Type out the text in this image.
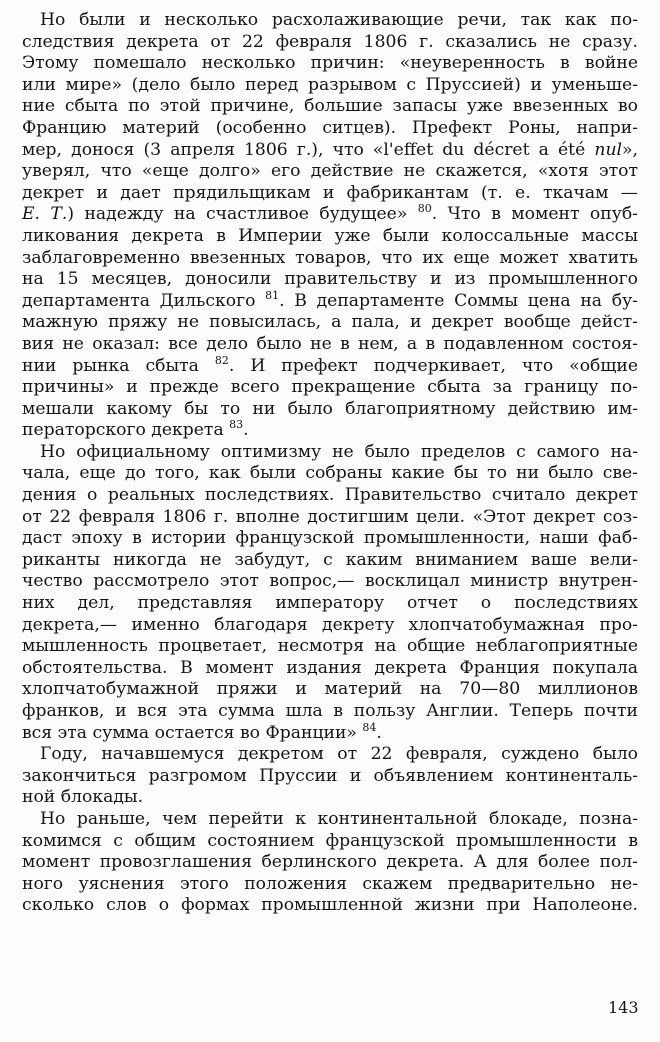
Но были и несколько расхолаживающие речи, так как по-
следствия декрета от 22 февраля 1806 г. сказались не сразу.
Этому помешало несколько причин: «неуверенность в войне
или мире» (дело было перед разрывом с Пруссией) и уменьше-
ние сбыта по этой причине, большие запасы уже ввезенных во
Францию материй (особенно ситцев). Префект Роны, напри-
мер, донося (3 апреля 1806 г.), что «l'effet du décret a été nul»,
уверял, что «еще долго» его действие не скажется, «хотя этот
декрет и дает прядильщикам и фабрикантам (т. е. ткачам —
Е. Т.) надежду на счастливое будущее» $^{80}$. Что в момент опуб-
ликования декрета в Империи уже были колоссальные массы
заблаговременно ввезенных товаров, что их еще может хватить
на 15 месяцев, доносили правительству и из промышленного
департамента Дильского $^{81}$. В департаменте Соммы цена на бу-
мажную пряжу не повысилась, а пала, и декрет вообще дейст-
вия не оказал: все дело было не в нем, а в подавленном состоя-
нии рынка сбыта $^{82}$. И префект подчеркивает, что «общие
причины» и прежде всего прекращение сбыта за границу по-
мешали какому бы то ни было благоприятному действию им-
ператорского декрета $^{83}$.
Но официальному оптимизму не было пределов с самого на-
чала, еще до того, как были собраны какие бы то ни было све-
дения о реальных последствиях. Правительство считало декрет
от 22 февраля 1806 г. вполне достигшим цели. «Этот декрет соз-
даст эпоху в истории французской промышленности, наши фаб-
риканты никогда не забудут, с каким вниманием ваше вели-
чество рассмотрело этот вопрос,— восклицал министр внутрен-
них дел, представляя императору отчет о последствиях
декрета,— именно благодаря декрету хлопчатобумажная про-
мышленность процветает, несмотря на общие неблагоприятные
обстоятельства. В момент издания декрета Франция покупала
хлопчатобумажной пряжи и материй на 70—80 миллионов
франков, и вся эта сумма шла в пользу Англии. Теперь почти
вся эта сумма остается во Франции» $^{84}$.
Году, начавшемуся декретом от 22 февраля, суждено было
закончиться разгромом Пруссии и объявлением континенталь-
ной блокады.
Но раньше, чем перейти к континентальной блокаде, позна-
комимся с общим состоянием французской промышленности в
момент провозглашения берлинского декрета. А для более пол-
ного уяснения этого положения скажем предварительно не-
сколько слов о формах промышленной жизни при Наполеоне.
143
